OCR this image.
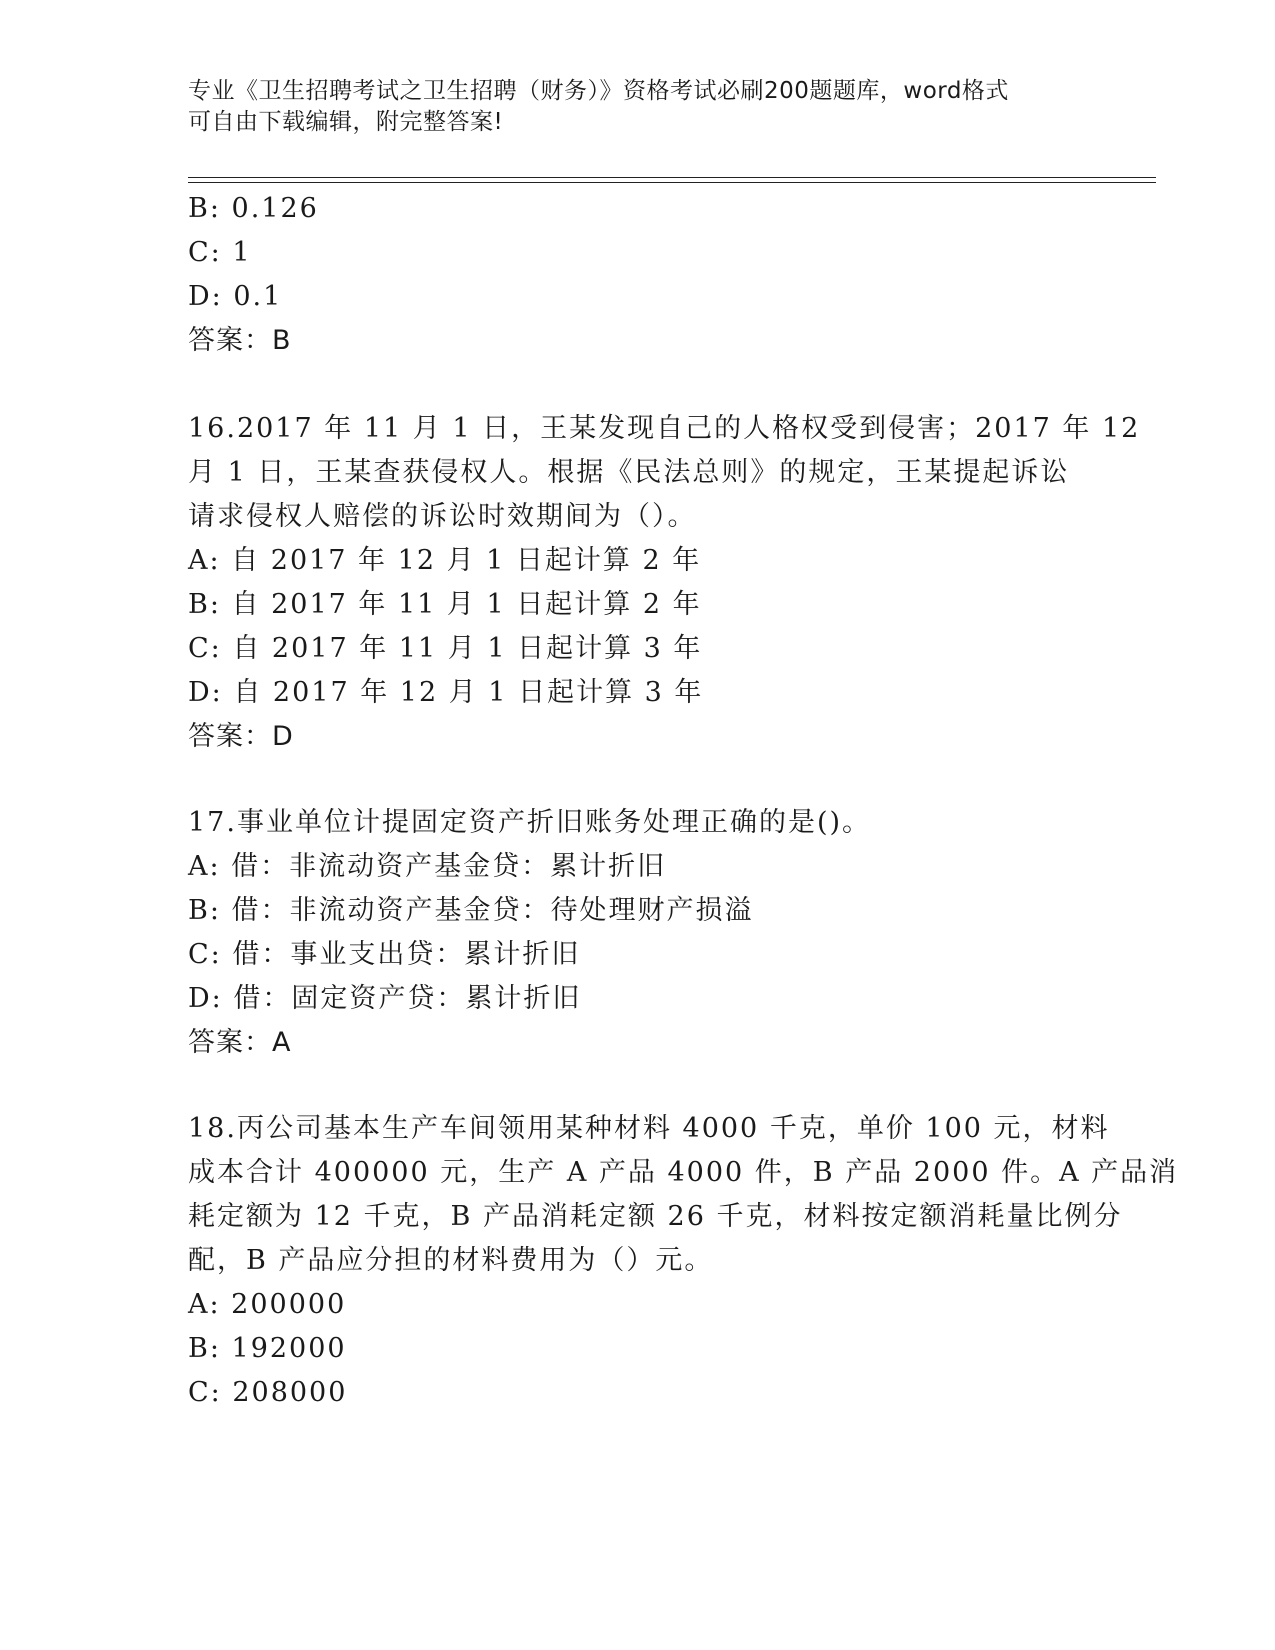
专业《卫生招聘考试之卫生招聘（财务）》资格考试必刷200题题库，word格式
可自由下载编辑，附完整答案!
B: 0.126
C: 1
D: 0.1
答案：B
16.2017 年 11 月 1 日，王某发现自己的人格权受到侵害；2017 年 12
月 1 日，王某查获侵权人。根据《民法总则》的规定，王某提起诉讼
请求侵权人赔偿的诉讼时效期间为（）。
A: 自 2017 年 12 月 1 日起计算 2 年
B: 自 2017 年 11 月 1 日起计算 2 年
C: 自 2017 年 11 月 1 日起计算 3 年
D: 自 2017 年 12 月 1 日起计算 3 年
答案：D
17.事业单位计提固定资产折旧账务处理正确的是()。
A: 借：非流动资产基金贷：累计折旧
B: 借：非流动资产基金贷：待处理财产损溢
C: 借：事业支出贷：累计折旧
D: 借：固定资产贷：累计折旧
答案：A
18.丙公司基本生产车间领用某种材料 4000 千克，单价 100 元，材料
成本合计 400000 元，生产 A 产品 4000 件，B 产品 2000 件。A 产品消
耗定额为 12 千克，B 产品消耗定额 26 千克，材料按定额消耗量比例分
配，B 产品应分担的材料费用为（）元。
A: 200000
B: 192000
C: 208000
